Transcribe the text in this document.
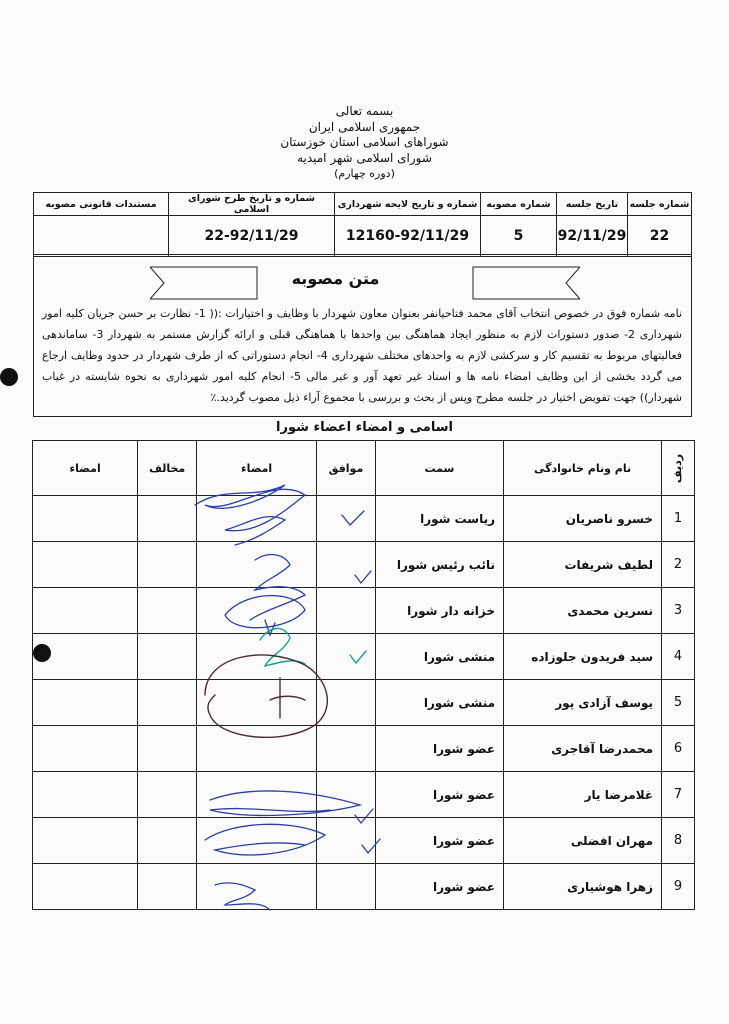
بسمه تعالی
جمهوری اسلامی ایران
شوراهای اسلامی استان خوزستان
شورای اسلامی شهر امیدیه
(دوره چهارم)
شماره جلسه	تاریخ جلسه	شماره مصوبه	شماره و تاریخ لایحه شهرداری	شماره و تاریخ طرح شورای اسلامی	مستندات قانونی مصوبه
22	92/11/29	5	12160-92/11/29	22-92/11/29	
متن مصوبه
نامه شماره فوق در خصوص انتخاب آقای محمد فتاحیانفر بعنوان معاون شهردار با وظایف و اختیارات :(( 1- نظارت بر حسن جریان کلیه امور شهرداری 2- صدور دستورات لازم به منظور ایجاد هماهنگی بین واحدها با هماهنگی قبلی و ارائه گزارش مستمر به شهردار 3- ساماندهی فعالیتهای مربوط به تقسیم کار و سرکشی لازم به واحدهای مختلف شهرداری 4- انجام دستوراتی که از طرف شهردار در حدود وظایف ارجاع می گردد بخشی از این وظایف امضاء نامه ها و اسناد غیر تعهد آور و غیر مالی 5- انجام کلیه امور شهرداری به نحوه شایسته در غیاب شهردار)) جهت تفویض اختیار در جلسه مطرح وپس از بحث و بررسی با مجموع آراء ذیل مصوب گردید.٪
اسامی و امضاء اعضاء شورا
ردیف	نام ونام خانوادگی	سمت	موافق	امضاء	مخالف	امضاء
1	خسرو ناصریان	ریاست شورا				
2	لطیف شریفات	نائب رئیس شورا				
3	نسرین محمدی	خزانه دار شورا				
4	سید فریدون جلوزاده	منشی شورا				
5	یوسف آزادی پور	منشی شورا				
6	محمدرضا آقاجری	عضو شورا				
7	غلامرضا یار	عضو شورا				
8	مهران افضلی	عضو شورا				
9	زهرا هوشیاری	عضو شورا				
